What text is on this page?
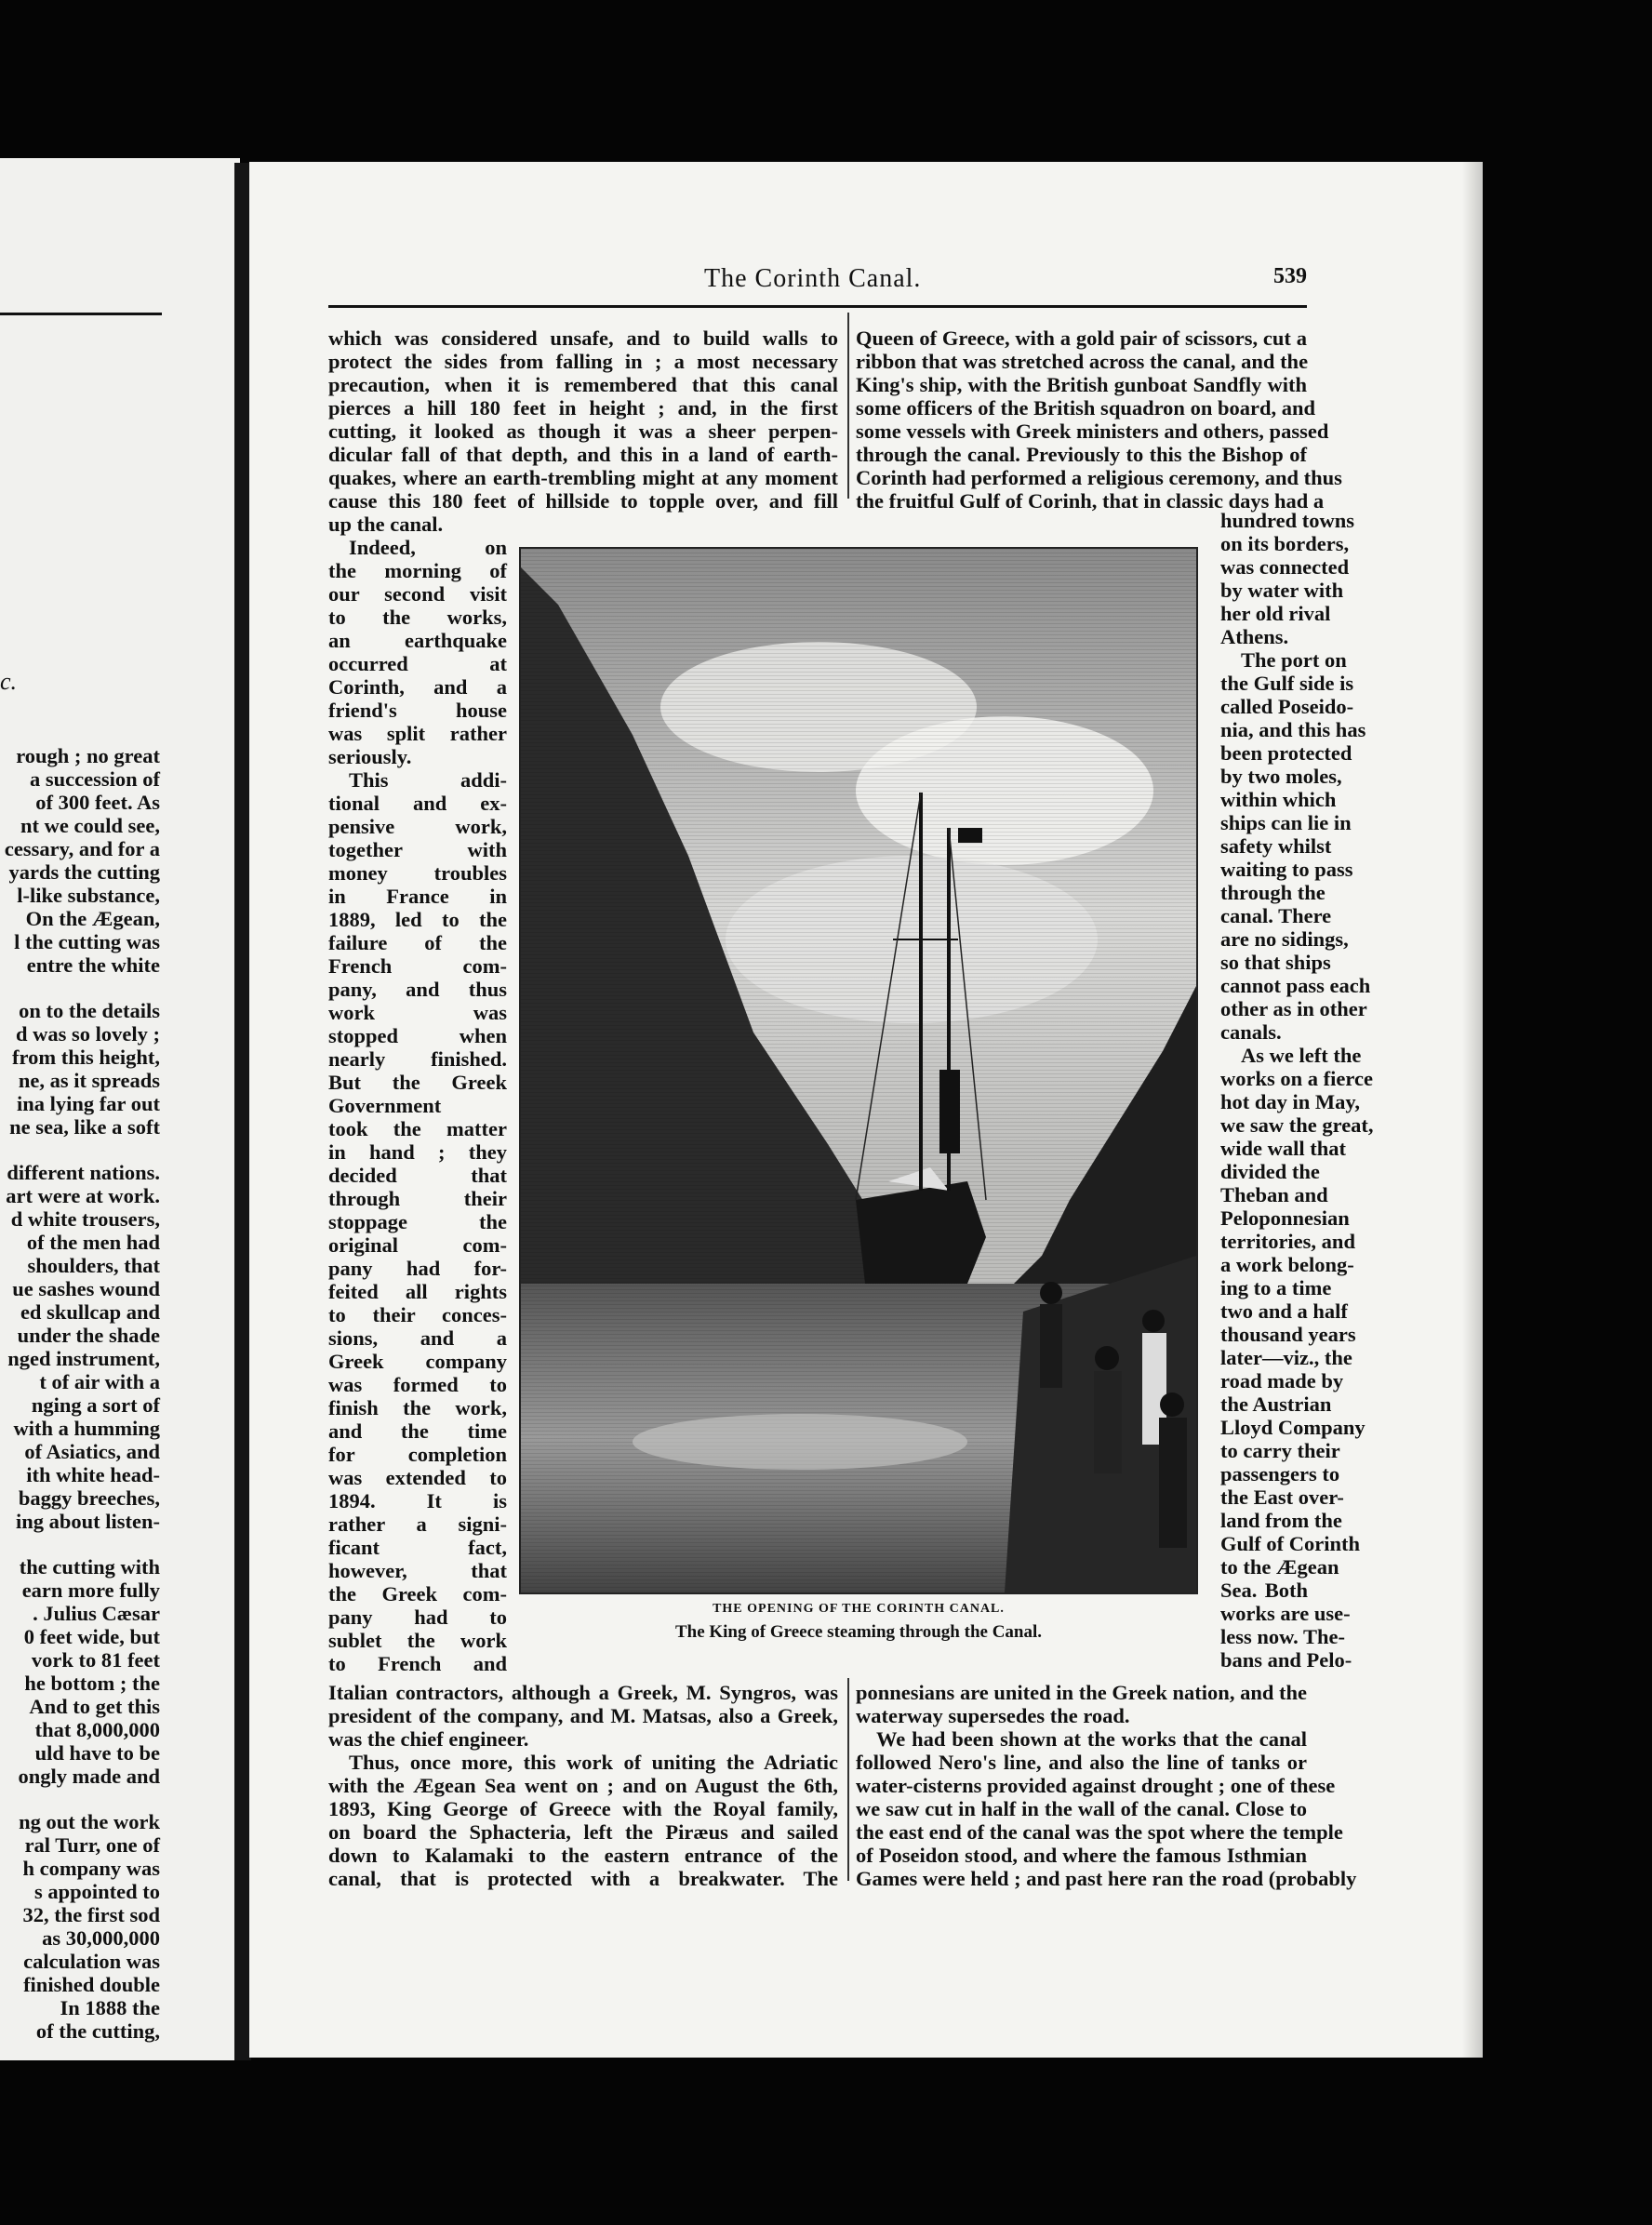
c.
rough ; no great
a succession of
of 300 feet. As
nt we could see,
cessary, and for a
yards the cutting
l-like substance,
On the Ægean,
l the cutting was
entre the white
on to the details
d was so lovely ;
from this height,
ne, as it spreads
ina lying far out
ne sea, like a soft
different nations.
art were at work.
d white trousers,
of the men had
shoulders, that
ue sashes wound
ed skullcap and
under the shade
nged instrument,
t of air with a
nging a sort of
with a humming
of Asiatics, and
ith white head-
baggy breeches,
ing about listen-
the cutting with
earn more fully
. Julius Cæsar
0 feet wide, but
vork to 81 feet
he bottom ; the
And to get this
that 8,000,000
uld have to be
ongly made and
ng out the work
ral Turr, one of
h company was
s appointed to
32, the first sod
as 30,000,000
calculation was
finished double
In 1888 the
of the cutting,
The Corinth Canal.	539
which was considered unsafe, and to build walls to
protect the sides from falling in ; a most necessary
precaution, when it is remembered that this canal
pierces a hill 180 feet in height ; and, in the first
cutting, it looked as though it was a sheer perpen-
dicular fall of that depth, and this in a land of earth-
quakes, where an earth-trembling might at any moment
cause this 180 feet of hillside to topple over, and fill
up the canal.
Queen of Greece, with a gold pair of scissors, cut a
ribbon that was stretched across the canal, and the
King's ship, with the British gunboat Sandfly with
some officers of the British squadron on board, and
some vessels with Greek ministers and others, passed
through the canal. Previously to this the Bishop of
Corinth had performed a religious ceremony, and thus
the fruitful Gulf of Corinh, that in classic days had a
Indeed, on
the morning of
our second visit
to the works,
an earthquake
occurred at
Corinth, and a
friend's house
was split rather
seriously.
This addi-
tional and ex-
pensive work,
together with
money troubles
in France in
1889, led to the
failure of the
French com-
pany, and thus
work was
stopped when
nearly finished.
But the Greek
Government
took the matter
in hand ; they
decided that
through their
stoppage the
original com-
pany had for-
feited all rights
to their conces-
sions, and a
Greek company
was formed to
finish the work,
and the time
for completion
was extended to
1894. It is
rather a signi-
ficant fact,
however, that
the Greek com-
pany had to
sublet the work
to French and
hundred towns
on its borders,
was connected
by water with
her old rival
Athens.
The port on
the Gulf side is
called Poseido-
nia, and this has
been protected
by two moles,
within which
ships can lie in
safety whilst
waiting to pass
through the
canal. There
are no sidings,
so that ships
cannot pass each
other as in other
canals.
As we left the
works on a fierce
hot day in May,
we saw the great,
wide wall that
divided the
Theban and
Peloponnesian
territories, and
a work belong-
ing to a time
two and a half
thousand years
later—viz., the
road made by
the Austrian
Lloyd Company
to carry their
passengers to
the East over-
land from the
Gulf of Corinth
to the Ægean
Sea. Both
works are use-
less now. The-
bans and Pelo-
THE OPENING OF THE CORINTH CANAL.
The King of Greece steaming through the Canal.
Italian contractors, although a Greek, M. Syngros, was
president of the company, and M. Matsas, also a Greek,
was the chief engineer.
Thus, once more, this work of uniting the Adriatic
with the Ægean Sea went on ; and on August the 6th,
1893, King George of Greece with the Royal family,
on board the Sphacteria, left the Piræus and sailed
down to Kalamaki to the eastern entrance of the
canal, that is protected with a breakwater. The
ponnesians are united in the Greek nation, and the
waterway supersedes the road.
We had been shown at the works that the canal
followed Nero's line, and also the line of tanks or
water-cisterns provided against drought ; one of these
we saw cut in half in the wall of the canal. Close to
the east end of the canal was the spot where the temple
of Poseidon stood, and where the famous Isthmian
Games were held ; and past here ran the road (probably
